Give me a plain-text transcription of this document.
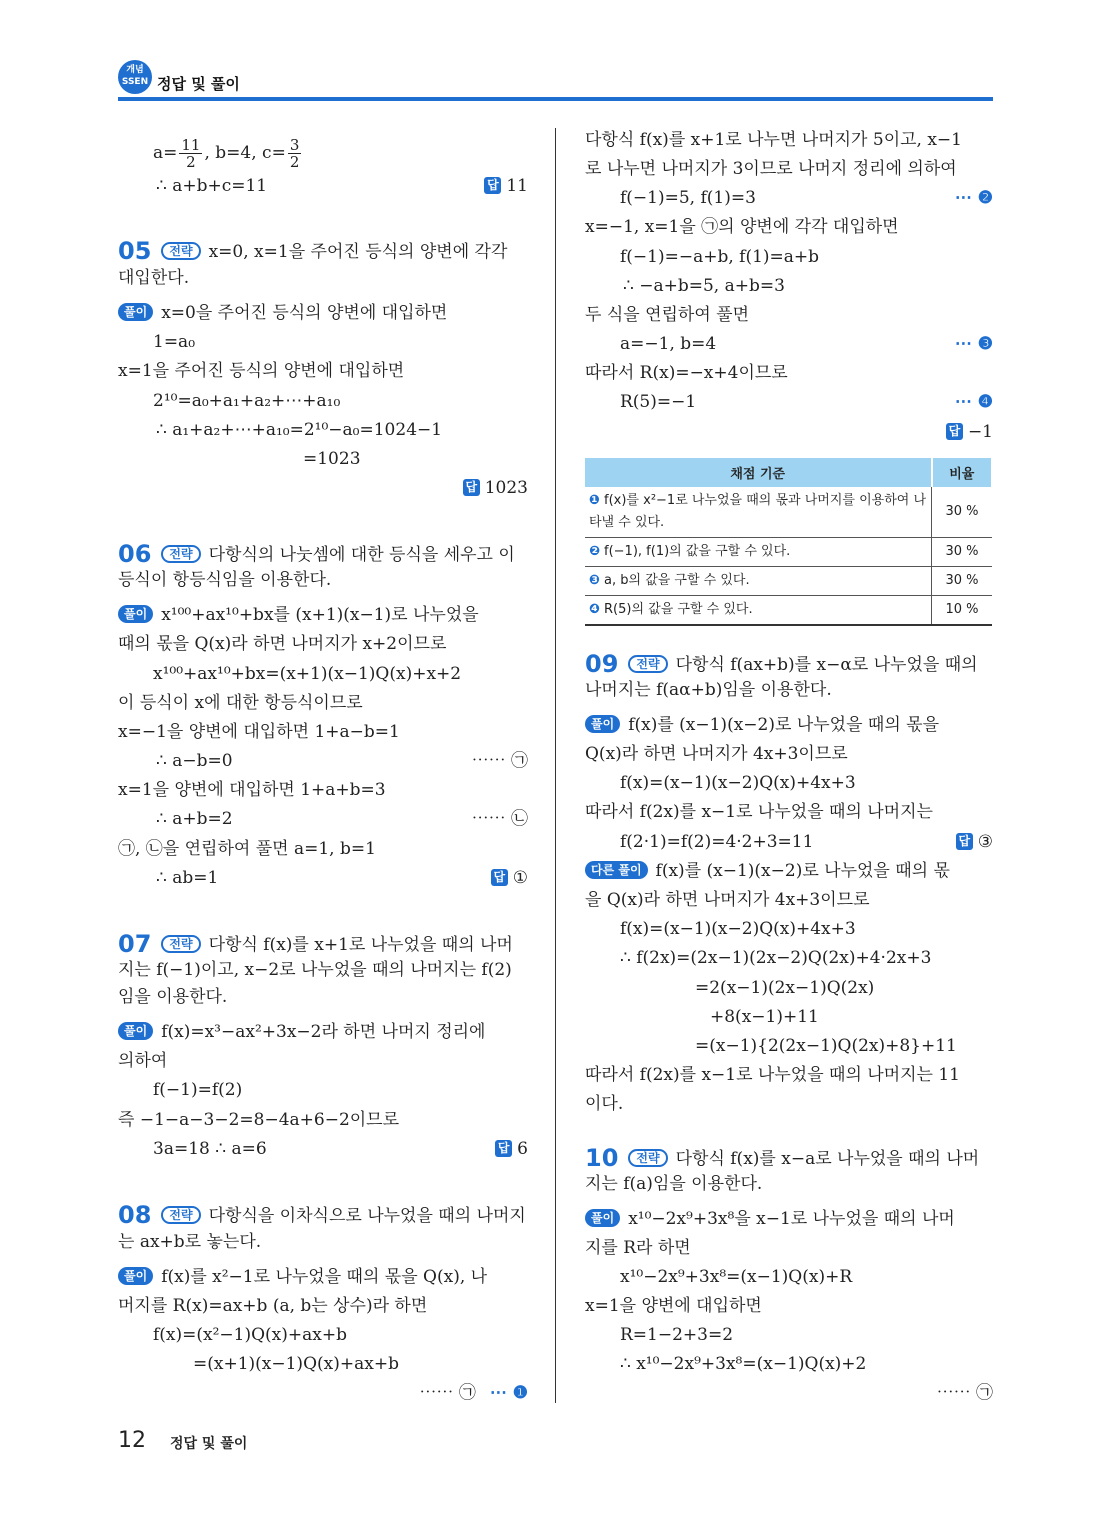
개념
SSEN 정답 및 풀이
$a= \frac{11}{2}$ , b=4, $c= \frac{3}{2}$
∴ a+b+c=11	답 11
05 전략 x=0, x=1을 주어진 등식의 양변에 각각
대입한다.
풀이 x=0을 주어진 등식의 양변에 대입하면
1=a₀
x=1을 주어진 등식의 양변에 대입하면
2¹⁰=a₀+a₁+a₂+⋯+a₁₀
∴ a₁+a₂+⋯+a₁₀=2¹⁰−a₀=1024−1
=1023
답 1023
06 전략 다항식의 나눗셈에 대한 등식을 세우고 이
등식이 항등식임을 이용한다.
풀이 x¹⁰⁰+ax¹⁰+bx를 (x+1)(x−1)로 나누었을
때의 몫을 Q(x)라 하면 나머지가 x+2이므로
x¹⁰⁰+ax¹⁰+bx=(x+1)(x−1)Q(x)+x+2
이 등식이 x에 대한 항등식이므로
x=−1을 양변에 대입하면 1+a−b=1
∴ a−b=0	⋯⋯ ㉠
x=1을 양변에 대입하면 1+a+b=3
∴ a+b=2	⋯⋯ ㉡
㉠, ㉡을 연립하여 풀면 a=1, b=1
∴ ab=1	답 ①
07 전략 다항식 f(x)를 x+1로 나누었을 때의 나머
지는 f(−1)이고, x−2로 나누었을 때의 나머지는 f(2)
임을 이용한다.
풀이 f(x)=x³−ax²+3x−2라 하면 나머지 정리에
의하여
f(−1)=f(2)
즉 −1−a−3−2=8−4a+6−2이므로
3a=18 ∴ a=6	답 6
08 전략 다항식을 이차식으로 나누었을 때의 나머지
는 ax+b로 놓는다.
풀이 f(x)를 x²−1로 나누었을 때의 몫을 Q(x), 나
머지를 R(x)=ax+b (a, b는 상수)라 하면
f(x)=(x²−1)Q(x)+ax+b
=(x+1)(x−1)Q(x)+ax+b
⋯⋯ ㉠ ⋯ ❶
다항식 f(x)를 x+1로 나누면 나머지가 5이고, x−1
로 나누면 나머지가 3이므로 나머지 정리에 의하여
f(−1)=5, f(1)=3	⋯ ❷
x=−1, x=1을 ㉠의 양변에 각각 대입하면
f(−1)=−a+b, f(1)=a+b
∴ −a+b=5, a+b=3
두 식을 연립하여 풀면
a=−1, b=4	⋯ ❸
따라서 R(x)=−x+4이므로
R(5)=−1	⋯ ❹
답 −1
09 전략 다항식 f(ax+b)를 x−α로 나누었을 때의
나머지는 f(aα+b)임을 이용한다.
풀이 f(x)를 (x−1)(x−2)로 나누었을 때의 몫을
Q(x)라 하면 나머지가 4x+3이므로
f(x)=(x−1)(x−2)Q(x)+4x+3
따라서 f(2x)를 x−1로 나누었을 때의 나머지는
f(2·1)=f(2)=4·2+3=11	답 ③
다른 풀이 f(x)를 (x−1)(x−2)로 나누었을 때의 몫
을 Q(x)라 하면 나머지가 4x+3이므로
f(x)=(x−1)(x−2)Q(x)+4x+3
∴ f(2x)=(2x−1)(2x−2)Q(2x)+4·2x+3
=2(x−1)(2x−1)Q(2x)
+8(x−1)+11
=(x−1){2(2x−1)Q(2x)+8}+11
따라서 f(2x)를 x−1로 나누었을 때의 나머지는 11
이다.
10 전략 다항식 f(x)를 x−a로 나누었을 때의 나머
지는 f(a)임을 이용한다.
풀이 x¹⁰−2x⁹+3x⁸을 x−1로 나누었을 때의 나머
지를 R라 하면
x¹⁰−2x⁹+3x⁸=(x−1)Q(x)+R
x=1을 양변에 대입하면
R=1−2+3=2
∴ x¹⁰−2x⁹+3x⁸=(x−1)Q(x)+2
⋯⋯ ㉠
채점 기준	비율
❶ f(x)를 x²−1로 나누었을 때의 몫과 나머지를 이용하여 나타낼 수 있다.	30 %
❷ f(−1), f(1)의 값을 구할 수 있다.	30 %
❸ a, b의 값을 구할 수 있다.	30 %
❹ R(5)의 값을 구할 수 있다.	10 %
12 정답 및 풀이
